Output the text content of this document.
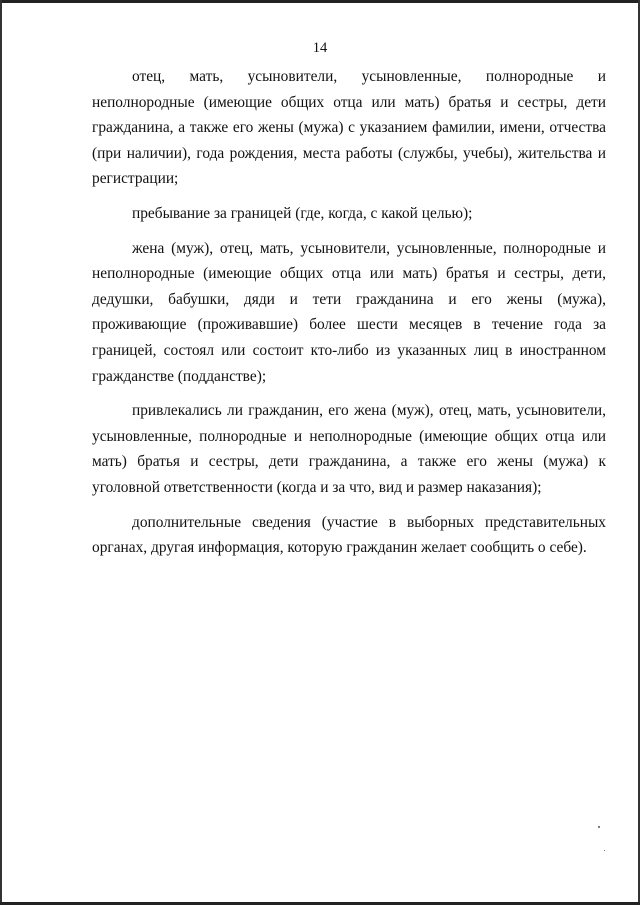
14

отец, мать, усыновители, усыновленные, полнородные и неполнородные (имеющие общих отца или мать) братья и сестры, дети гражданина, а также его жены (мужа) с указанием фамилии, имени, отчества (при наличии), года рождения, места работы (службы, учебы), жительства и регистрации;

пребывание за границей (где, когда, с какой целью);

жена (муж), отец, мать, усыновители, усыновленные, полнородные и неполнородные (имеющие общих отца или мать) братья и сестры, дети, дедушки, бабушки, дяди и тети гражданина и его жены (мужа), проживающие (проживавшие) более шести месяцев в течение года за границей, состоял или состоит кто-либо из указанных лиц в иностранном гражданстве (подданстве);

привлекались ли гражданин, его жена (муж), отец, мать, усыновители, усыновленные, полнородные и неполнородные (имеющие общих отца или мать) братья и сестры, дети гражданина, а также его жены (мужа) к уголовной ответственности (когда и за что, вид и размер наказания);

дополнительные сведения (участие в выборных представительных органах, другая информация, которую гражданин желает сообщить о себе).
